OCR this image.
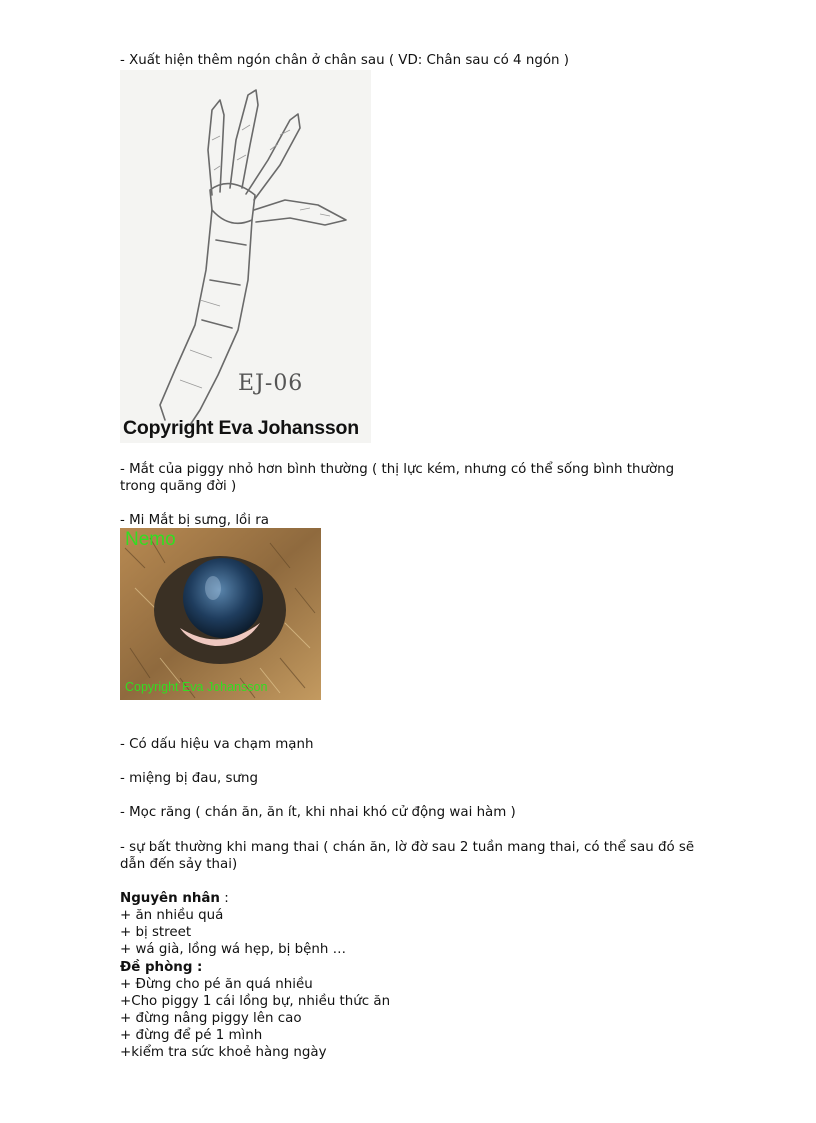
- Xuất hiện thêm ngón chân ở chân sau ( VD: Chân sau có 4 ngón )
EJ-06
Copyright Eva Johansson
- Mắt của piggy nhỏ hơn bình thường ( thị lực kém, nhưng có thể sống bình thường trong quãng đời )
- Mi Mắt bị sưng, lồi ra
Nemo
Copyright Eva Johansson
- Có dấu hiệu va chạm mạnh
- miệng bị đau, sưng
- Mọc răng ( chán ăn, ăn ít, khi nhai khó cử động wai hàm )
- sự bất thường khi mang thai ( chán ăn, lờ đờ sau 2 tuần mang thai, có thể sau đó sẽ dẫn đến sảy thai)
Nguyên nhân :
+ ăn nhiều quá
+ bị street
+ wá già, lồng wá hẹp, bị bệnh …
Đề phòng :
+ Đừng cho pé ăn quá nhiều
+Cho piggy 1 cái lồng bự, nhiều thức ăn
+ đừng nâng piggy lên cao
+ đừng để pé 1 mình
+kiểm tra sức khoẻ hàng ngày
